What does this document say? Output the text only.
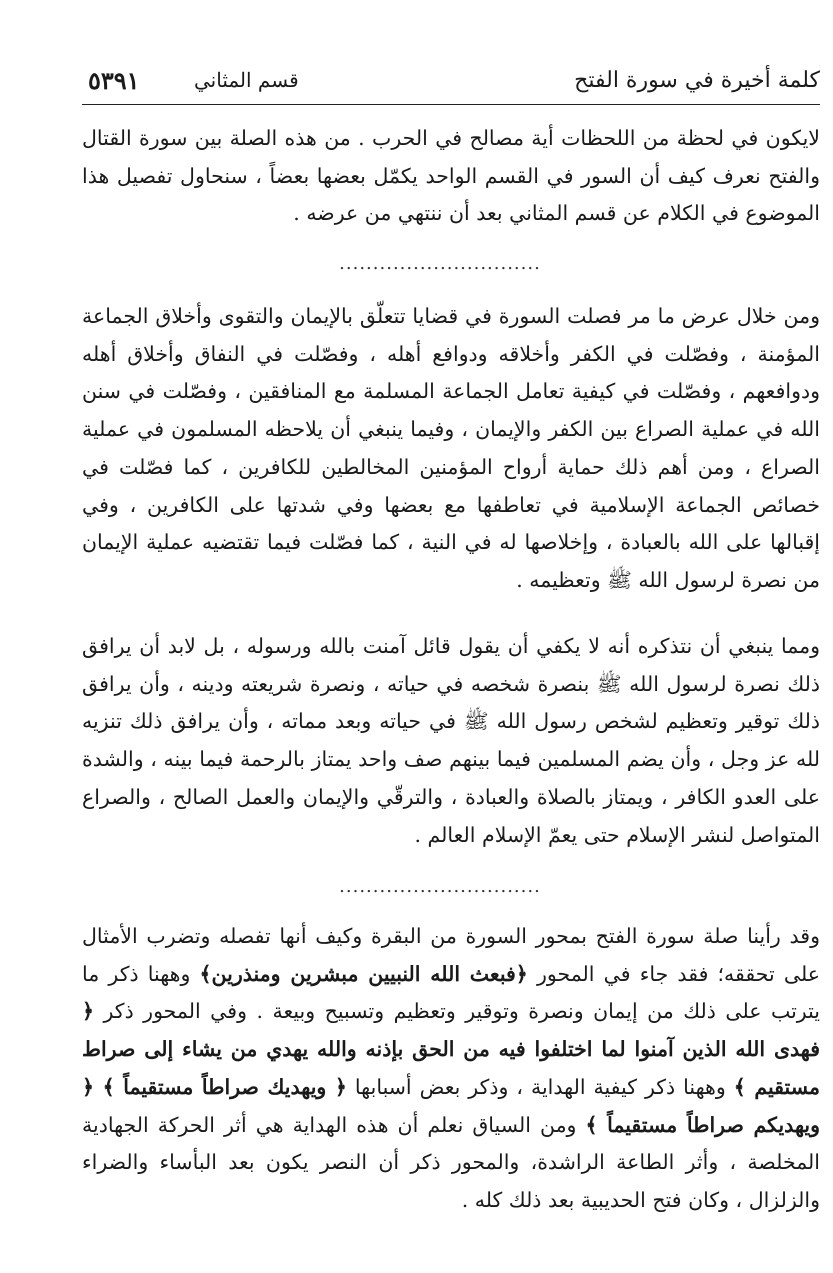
كلمة أخيرة في سورة الفتح
قسم المثاني
٥٣٩١

لايكون في لحظة من اللحظات أية مصالح في الحرب . من هذه الصلة بين سورة القتال والفتح نعرف كيف أن السور في القسم الواحد يكمّل بعضها بعضاً ، سنحاول تفصيل هذا الموضوع في الكلام عن قسم المثاني بعد أن ننتهي من عرضه .

..............................

ومن خلال عرض ما مر فصلت السورة في قضايا تتعلّق بالإيمان والتقوى وأخلاق الجماعة المؤمنة ، وفصّلت في الكفر وأخلاقه ودوافع أهله ، وفصّلت في النفاق وأخلاق أهله ودوافعهم ، وفصّلت في كيفية تعامل الجماعة المسلمة مع المنافقين ، وفصّلت في سنن الله في عملية الصراع بين الكفر والإيمان ، وفيما ينبغي أن يلاحظه المسلمون في عملية الصراع ، ومن أهم ذلك حماية أرواح المؤمنين المخالطين للكافرين ، كما فصّلت في خصائص الجماعة الإسلامية في تعاطفها مع بعضها وفي شدتها على الكافرين ، وفي إقبالها على الله بالعبادة ، وإخلاصها له في النية ، كما فصّلت فيما تقتضيه عملية الإيمان من نصرة لرسول الله ﷺ وتعظيمه .

ومما ينبغي أن نتذكره أنه لا يكفي أن يقول قائل آمنت بالله ورسوله ، بل لابد أن يرافق ذلك نصرة لرسول الله ﷺ بنصرة شخصه في حياته ، ونصرة شريعته ودينه ، وأن يرافق ذلك توقير وتعظيم لشخص رسول الله ﷺ في حياته وبعد مماته ، وأن يرافق ذلك تنزيه لله عز وجل ، وأن يضم المسلمين فيما بينهم صف واحد يمتاز بالرحمة فيما بينه ، والشدة على العدو الكافر ، ويمتاز بالصلاة والعبادة ، والترقّي والإيمان والعمل الصالح ، والصراع المتواصل لنشر الإسلام حتى يعمّ الإسلام العالم .

..............................

وقد رأينا صلة سورة الفتح بمحور السورة من البقرة وكيف أنها تفصله وتضرب الأمثال على تحققه؛ فقد جاء في المحور ﴿فبعث الله النبيين مبشرين ومنذرين﴾ وههنا ذكر ما يترتب على ذلك من إيمان ونصرة وتوقير وتعظيم وتسبيح وبيعة . وفي المحور ذكر ﴿ فهدى الله الذين آمنوا لما اختلفوا فيه من الحق بإذنه والله يهدي من يشاء إلى صراط مستقيم ﴾ وههنا ذكر كيفية الهداية ، وذكر بعض أسبابها ﴿ ويهديك صراطاً مستقيماً ﴾ ﴿ ويهديكم صراطاً مستقيماً ﴾ ومن السياق نعلم أن هذه الهداية هي أثر الحركة الجهادية المخلصة ، وأثر الطاعة الراشدة، والمحور ذكر أن النصر يكون بعد البأساء والضراء والزلزال ، وكان فتح الحديبية بعد ذلك كله .
